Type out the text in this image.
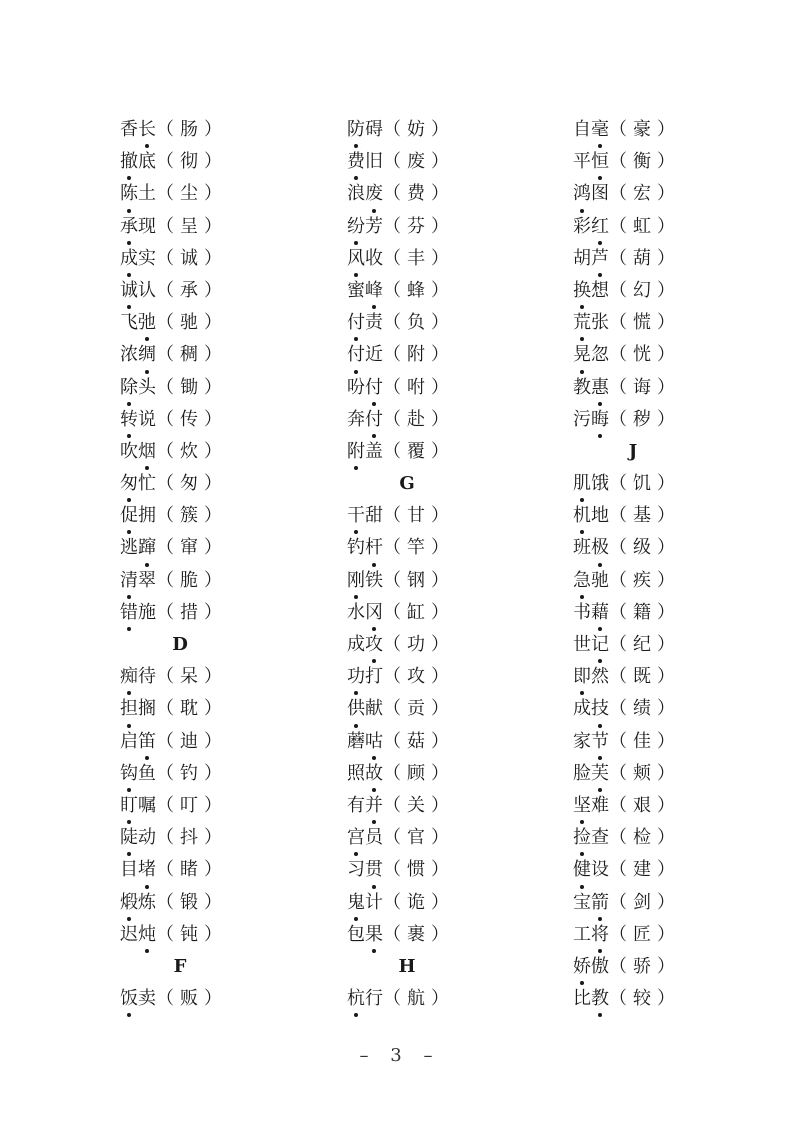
香长（肠）
撤底（彻）
陈土（尘）
承现（呈）
成实（诚）
诚认（承）
飞弛（驰）
浓绸（稠）
除头（锄）
转说（传）
吹烟（炊）
匆忙（匆）
促拥（簇）
逃蹿（窜）
清翠（脆）
错施（措）
D
痴待（呆）
担搁（耽）
启笛（迪）
钩鱼（钓）
盯嘱（叮）
陡动（抖）
目堵（睹）
煅炼（锻）
迟炖（钝）
F
饭卖（贩）
防碍（妨）
费旧（废）
浪废（费）
纷芳（芬）
风收（丰）
蜜峰（蜂）
付责（负）
付近（附）
吩付（咐）
奔付（赴）
附盖（覆）
G
干甜（甘）
钓杆（竿）
刚铁（钢）
水冈（缸）
成攻（功）
功打（攻）
供献（贡）
蘑咕（菇）
照故（顾）
有并（关）
宫员（官）
习贯（惯）
鬼计（诡）
包果（裹）
H
杭行（航）
自毫（豪）
平恒（衡）
鸿图（宏）
彩红（虹）
胡芦（葫）
换想（幻）
荒张（慌）
晃忽（恍）
教惠（诲）
污晦（秽）
J
肌饿（饥）
机地（基）
班极（级）
急驰（疾）
书藉（籍）
世记（纪）
即然（既）
成技（绩）
家节（佳）
脸芙（颊）
坚难（艰）
捡查（检）
健设（建）
宝箭（剑）
工将（匠）
娇傲（骄）
比教（较）
– 3 –
